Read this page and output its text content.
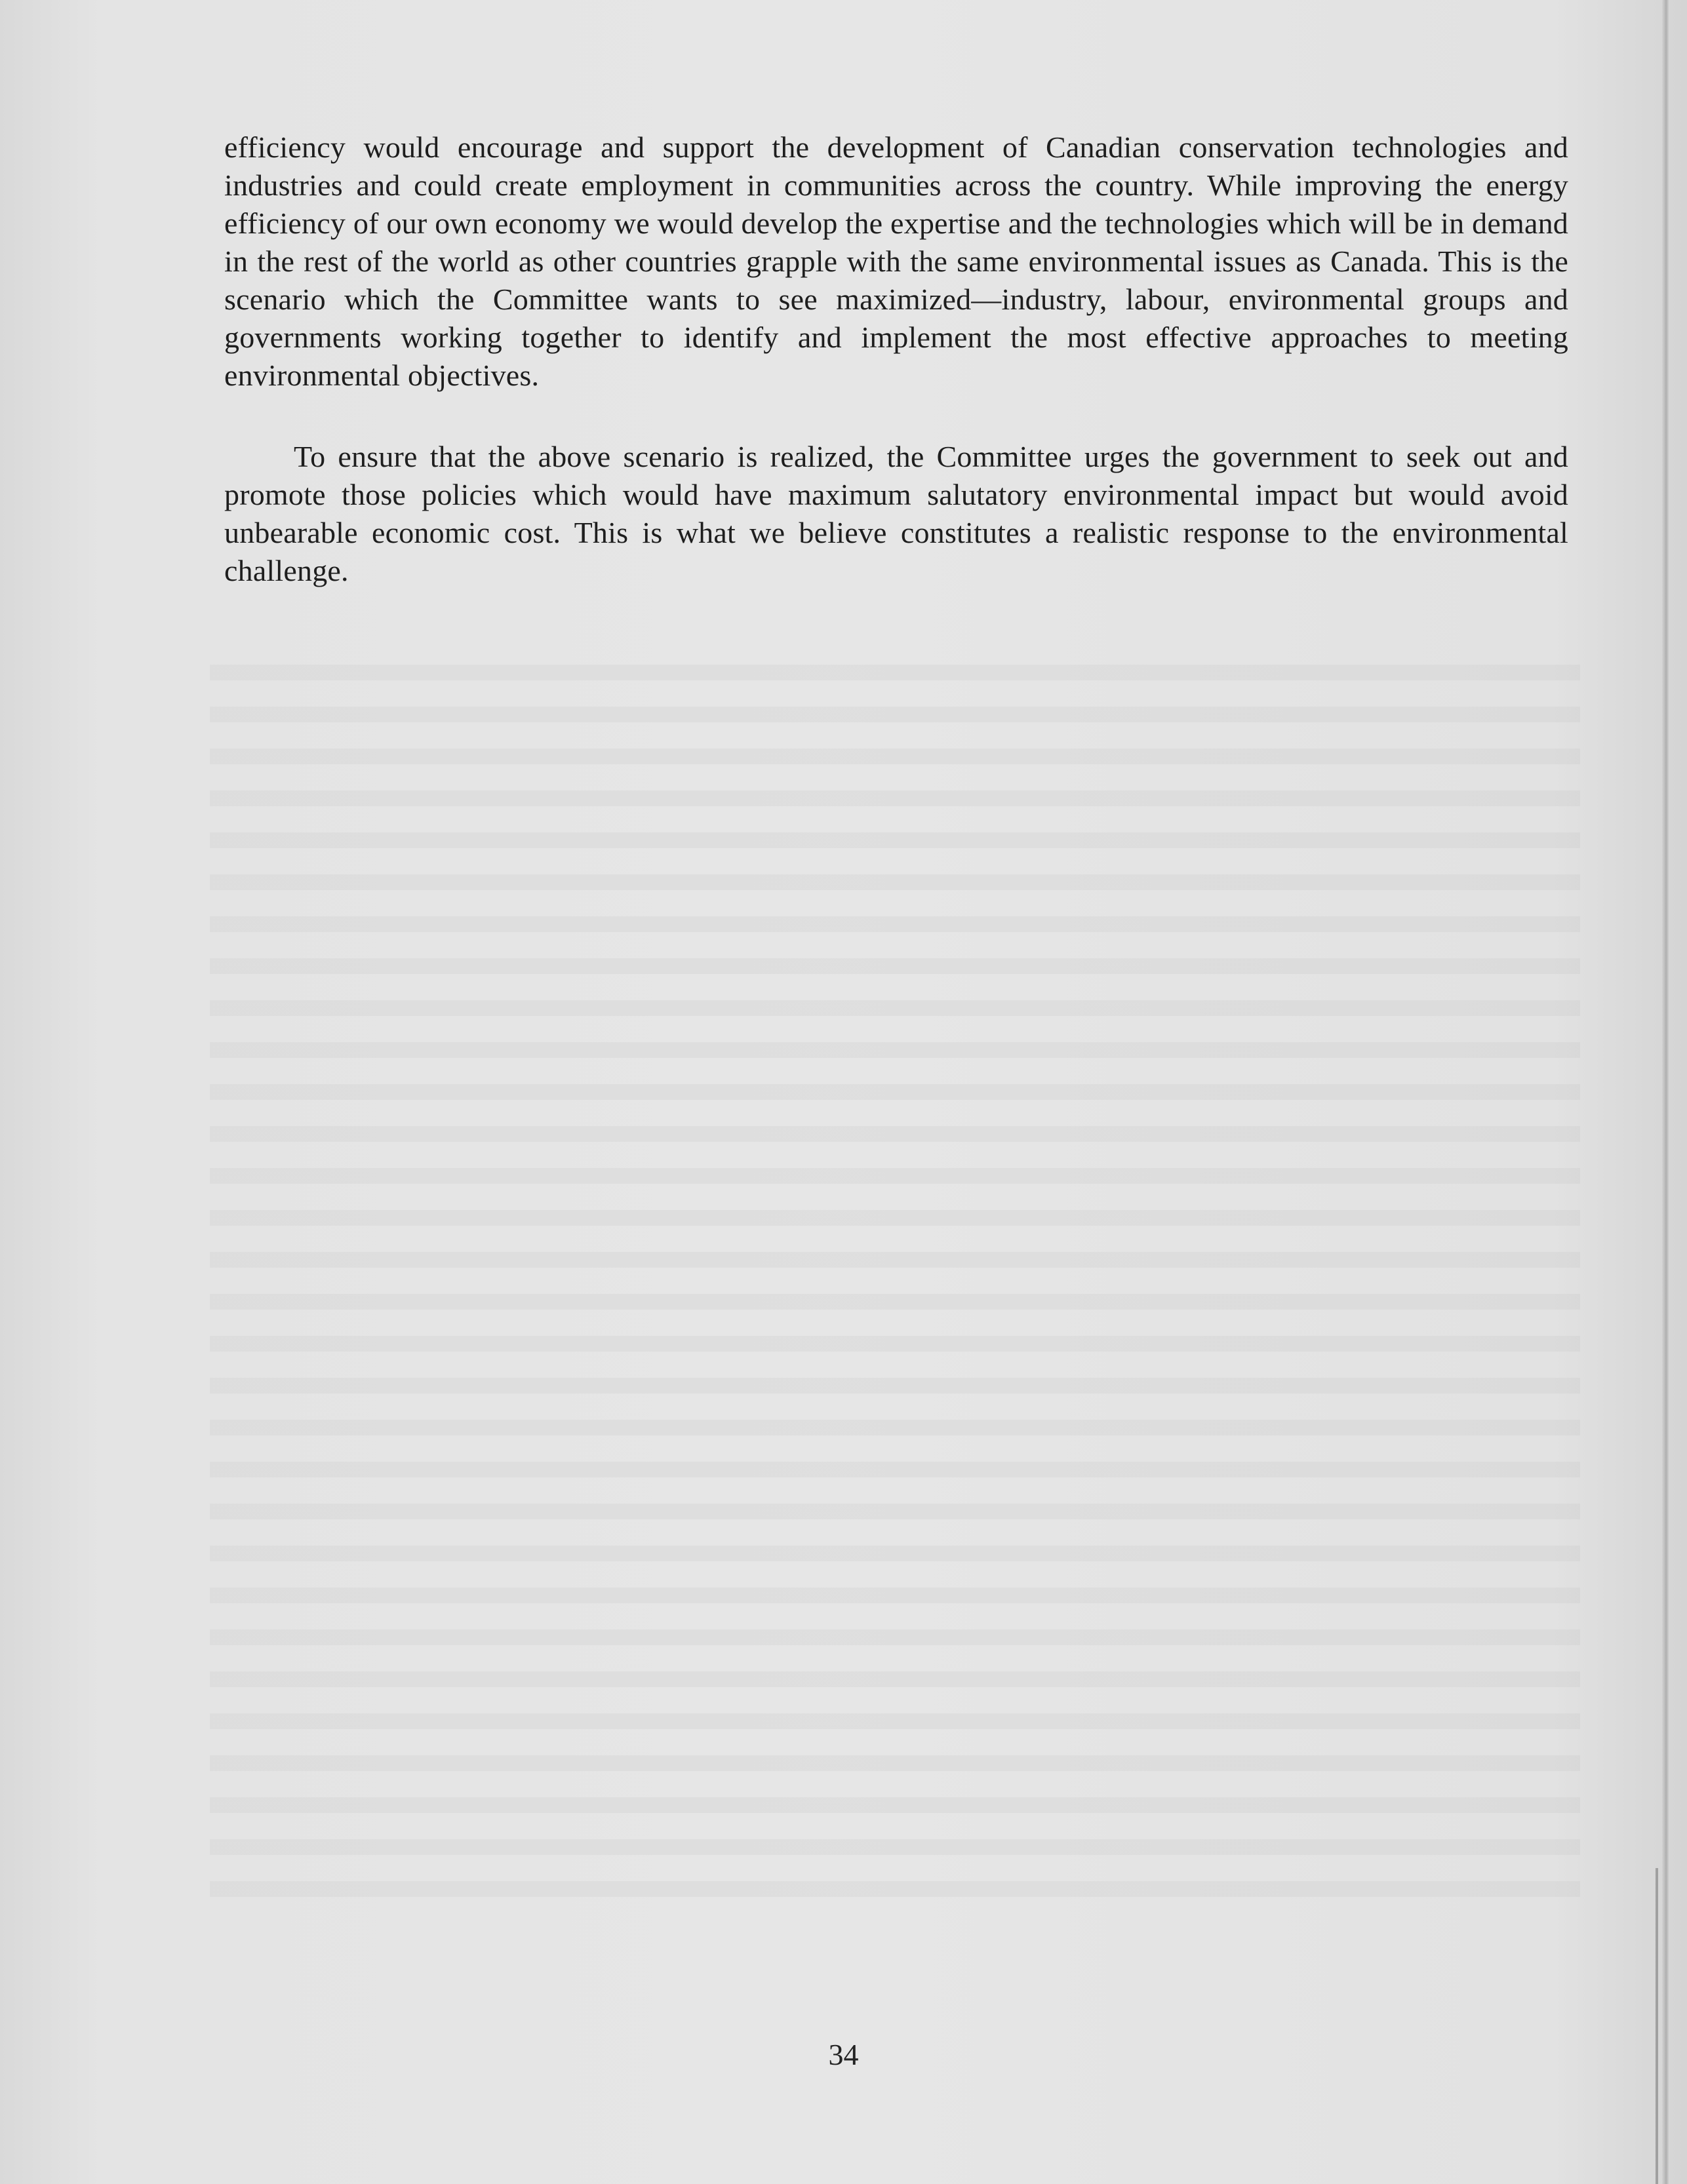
efficiency would encourage and support the development of Canadian conservation technologies and industries and could create employment in communities across the country. While improving the energy efficiency of our own economy we would develop the expertise and the technologies which will be in demand in the rest of the world as other countries grapple with the same environmental issues as Canada. This is the scenario which the Committee wants to see maximized—industry, labour, environmental groups and governments working together to identify and implement the most effective approaches to meeting environmental objectives.

To ensure that the above scenario is realized, the Committee urges the government to seek out and promote those policies which would have maximum salutatory environmental impact but would avoid unbearable economic cost. This is what we believe constitutes a realistic response to the environmental challenge.

34
